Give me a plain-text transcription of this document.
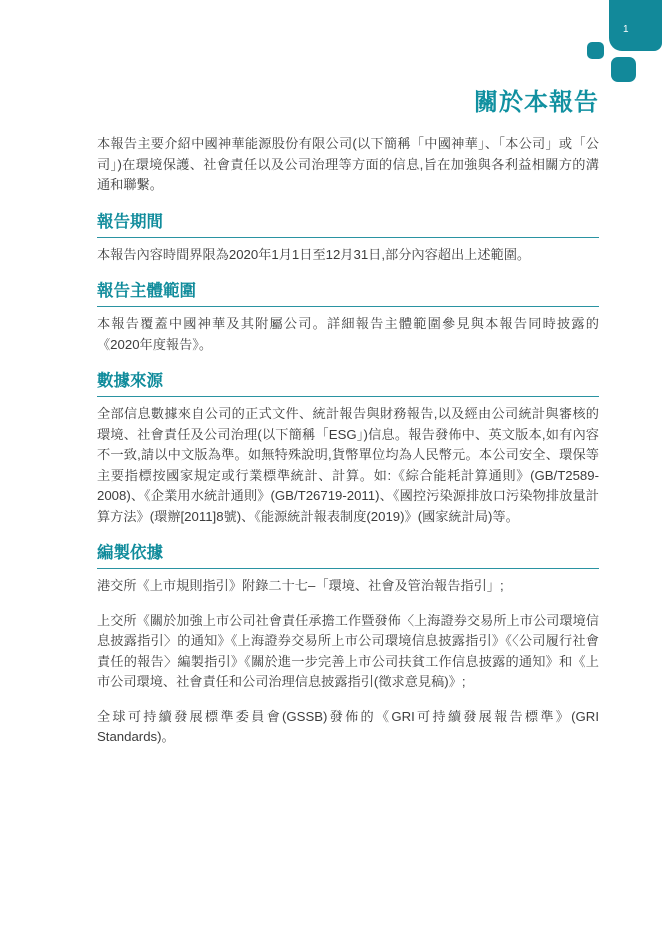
1
關於本報告

本報告主要介紹中國神華能源股份有限公司(以下簡稱「中國神華」、「本公司」或「公司」)在環境保護、社會責任以及公司治理等方面的信息,旨在加強與各利益相關方的溝通和聯繫。

報告期間

本報告內容時間界限為2020年1月1日至12月31日,部分內容超出上述範圍。

報告主體範圍

本報告覆蓋中國神華及其附屬公司。詳細報告主體範圍參見與本報告同時披露的《2020年度報告》。

數據來源

全部信息數據來自公司的正式文件、統計報告與財務報告,以及經由公司統計與審核的環境、社會責任及公司治理(以下簡稱「ESG」)信息。報告發佈中、英文版本,如有內容不一致,請以中文版為準。如無特殊說明,貨幣單位均為人民幣元。本公司安全、環保等主要指標按國家規定或行業標準統計、計算。如:《綜合能耗計算通則》(GB/T2589-2008)、《企業用水統計通則》(GB/T26719-2011)、《國控污染源排放口污染物排放量計算方法》(環辦[2011]8號)、《能源統計報表制度(2019)》(國家統計局)等。

編製依據

港交所《上市規則指引》附錄二十七–「環境、社會及管治報告指引」;

上交所《關於加強上市公司社會責任承擔工作暨發佈〈上海證券交易所上市公司環境信息披露指引〉的通知》《上海證券交易所上市公司環境信息披露指引》《〈公司履行社會責任的報告〉編製指引》《關於進一步完善上市公司扶貧工作信息披露的通知》和《上市公司環境、社會責任和公司治理信息披露指引(徵求意見稿)》;

全球可持續發展標準委員會(GSSB)發佈的《GRI可持續發展報告標準》(GRI Standards)。
